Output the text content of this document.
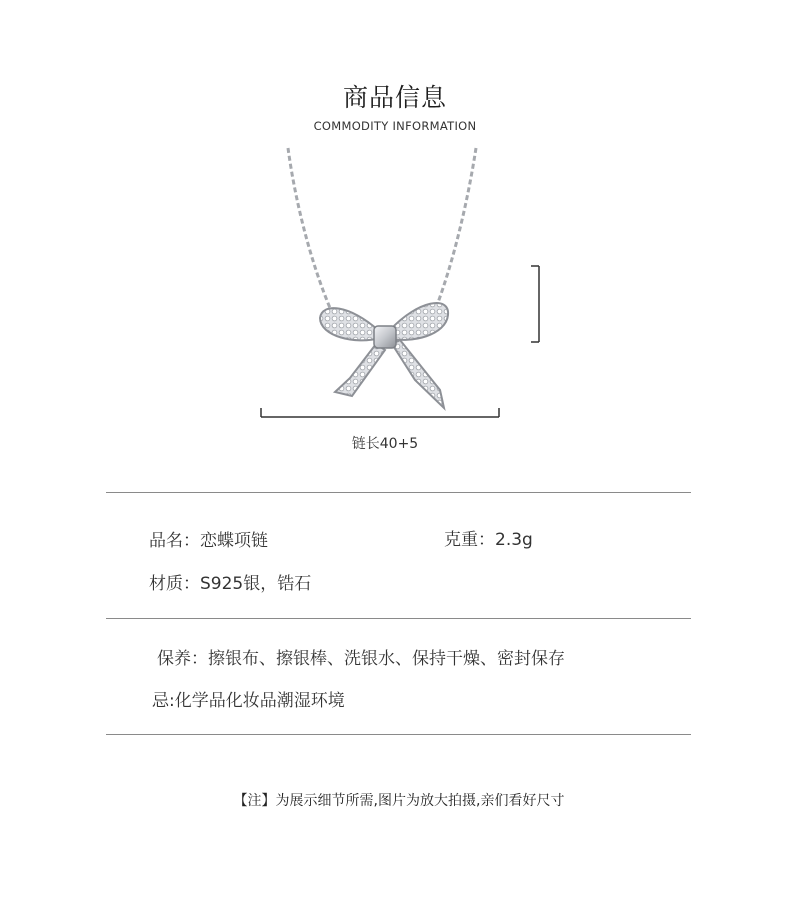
商品信息
COMMODITY INFORMATION
链长40+5
品名：恋蝶项链	克重：2.3g
材质：S925银，锆石
保养：擦银布、擦银棒、洗银水、保持干燥、密封保存
忌:化学品化妆品潮湿环境
【注】为展示细节所需,图片为放大拍摄,亲们看好尺寸
